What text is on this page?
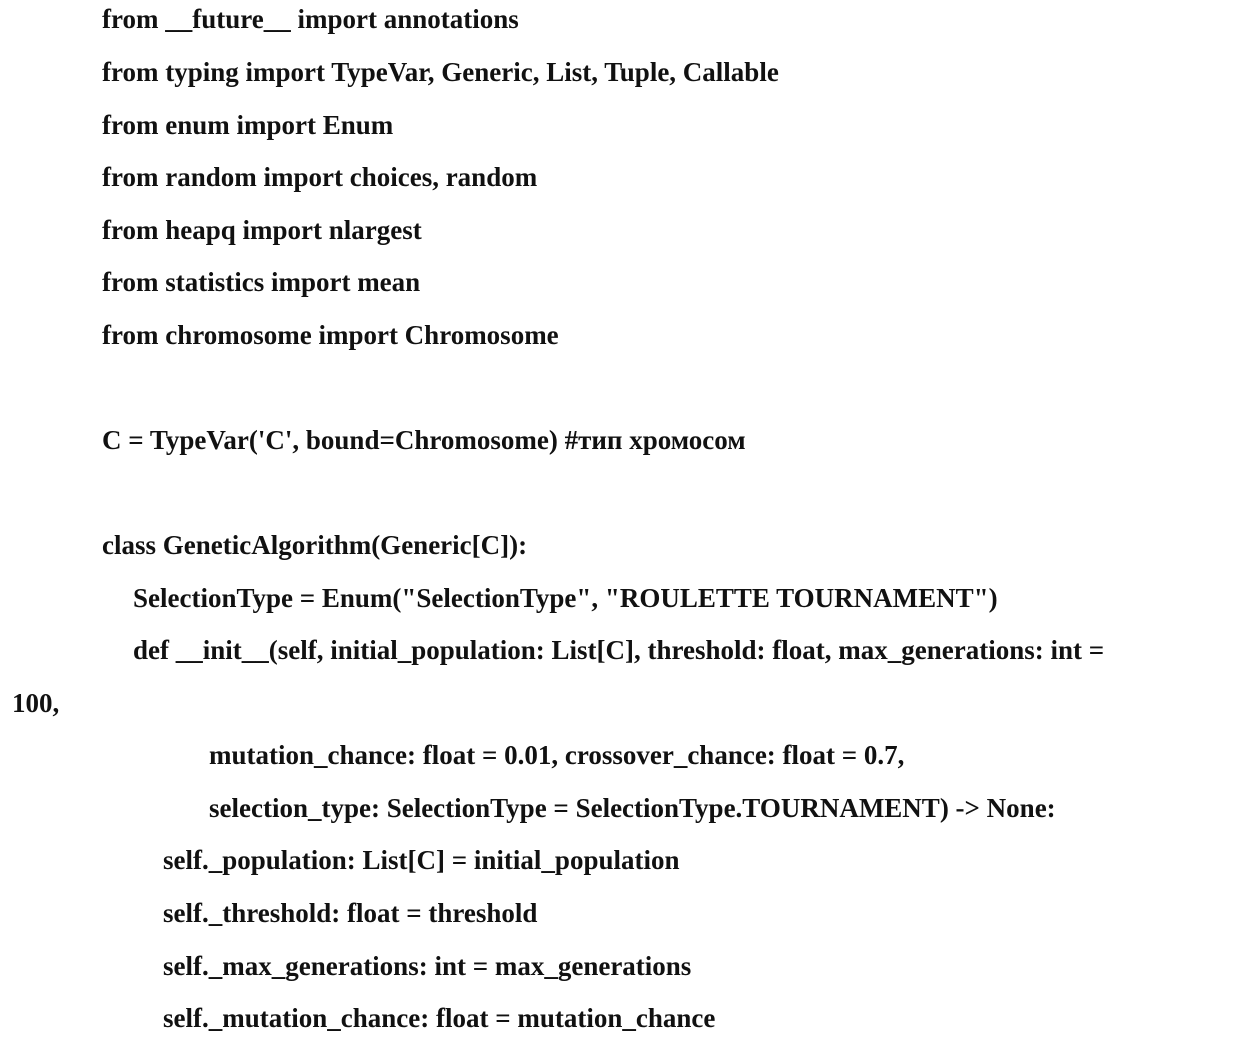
from __future__ import annotations
from typing import TypeVar, Generic, List, Tuple, Callable
from enum import Enum
from random import choices, random
from heapq import nlargest
from statistics import mean
from chromosome import Chromosome
C = TypeVar('C', bound=Chromosome) #тип хромосом
class GeneticAlgorithm(Generic[C]):
SelectionType = Enum("SelectionType", "ROULETTE TOURNAMENT")
def __init__(self, initial_population: List[C], threshold: float, max_generations: int =
100,
mutation_chance: float = 0.01, crossover_chance: float = 0.7,
selection_type: SelectionType = SelectionType.TOURNAMENT) -> None:
self._population: List[C] = initial_population
self._threshold: float = threshold
self._max_generations: int = max_generations
self._mutation_chance: float = mutation_chance
